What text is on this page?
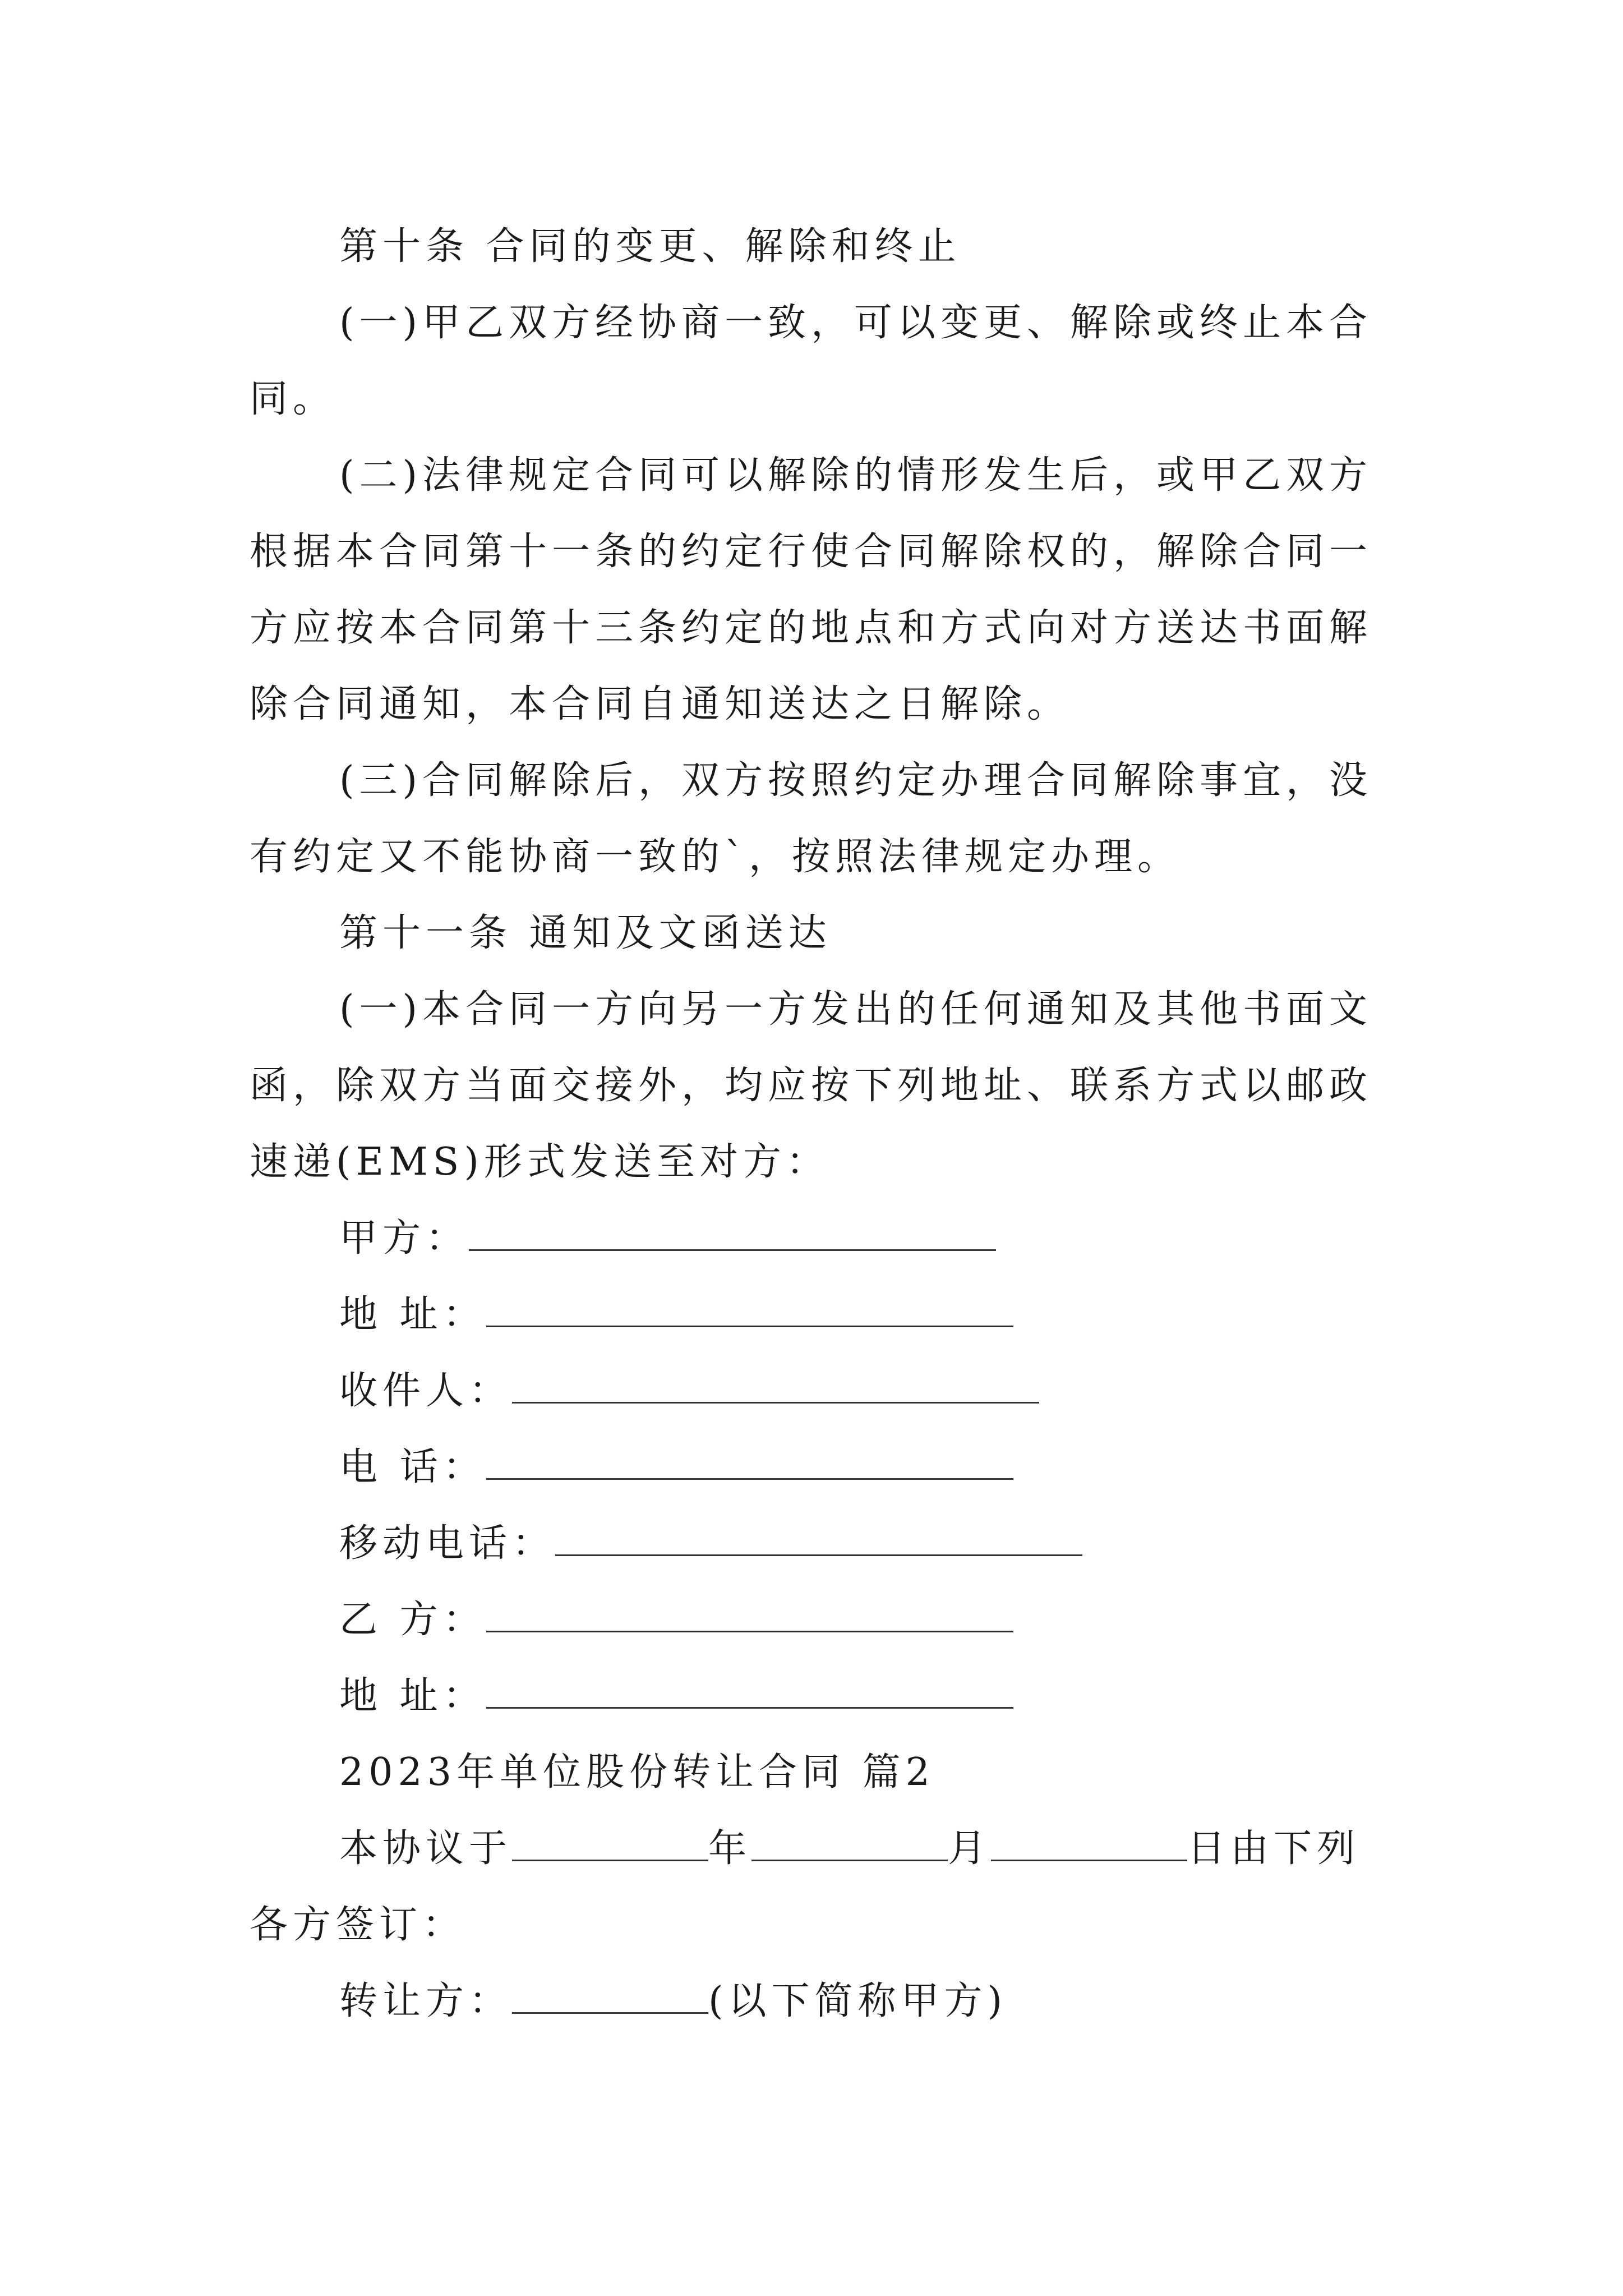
第十条 合同的变更、解除和终止

(一)甲乙双方经协商一致，可以变更、解除或终止本合同。

(二)法律规定合同可以解除的情形发生后，或甲乙双方根据本合同第十一条的约定行使合同解除权的，解除合同一方应按本合同第十三条约定的地点和方式向对方送达书面解除合同通知，本合同自通知送达之日解除。

(三)合同解除后，双方按照约定办理合同解除事宜，没有约定又不能协商一致的`，按照法律规定办理。

第十一条 通知及文函送达

(一)本合同一方向另一方发出的任何通知及其他书面文函，除双方当面交接外，均应按下列地址、联系方式以邮政速递(EMS)形式发送至对方：

甲方：
地 址：
收件人：
电 话：
移动电话：
乙 方：
地 址：

2023年单位股份转让合同 篇2

本协议于	年	月	日由下列各方签订：

转让方：	(以下简称甲方)
